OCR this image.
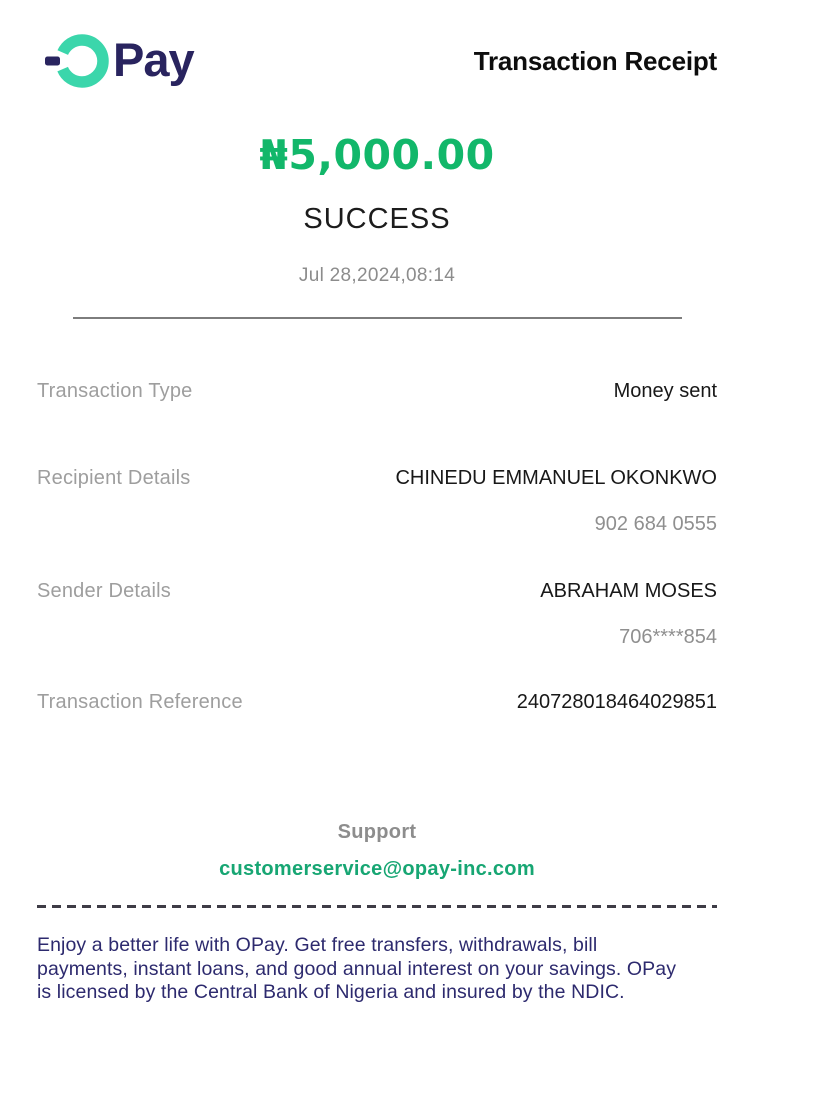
Pay	Transaction Receipt
₦5,000.00
SUCCESS
Jul 28,2024,08:14
Transaction Type	Money sent
Recipient Details	CHINEDU EMMANUEL OKONKWO
902 684 0555
Sender Details	ABRAHAM MOSES
706****854
Transaction Reference	240728018464029851
Support
customerservice@opay-inc.com
Enjoy a better life with OPay. Get free transfers, withdrawals, bill
payments, instant loans, and good annual interest on your savings. OPay
is licensed by the Central Bank of Nigeria and insured by the NDIC.
